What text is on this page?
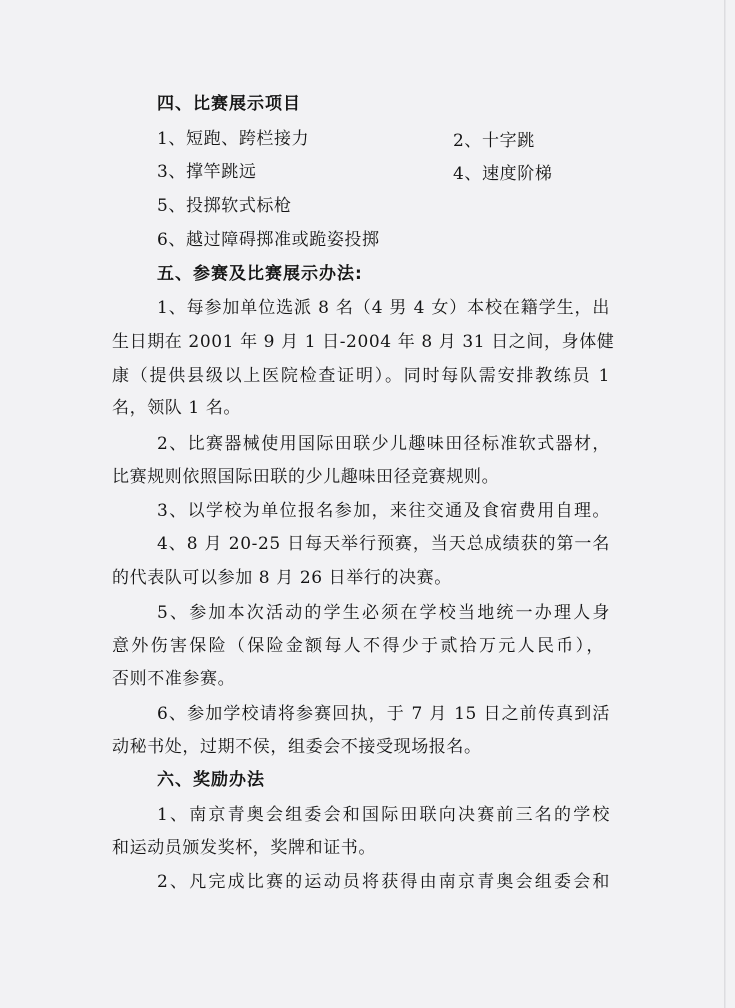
四、比赛展示项目
1、短跑、跨栏接力	2、十字跳
3、撑竿跳远	4、速度阶梯
5、投掷软式标枪
6、越过障碍掷准或跪姿投掷
五、参赛及比赛展示办法:
1、每参加单位选派 8 名（4 男 4 女）本校在籍学生，出
生日期在 2001 年 9 月 1 日-2004 年 8 月 31 日之间，身体健
康（提供县级以上医院检查证明）。同时每队需安排教练员 1
名，领队 1 名。
2、比赛器械使用国际田联少儿趣味田径标准软式器材，
比赛规则依照国际田联的少儿趣味田径竞赛规则。
3、以学校为单位报名参加，来往交通及食宿费用自理。
4、8 月 20-25 日每天举行预赛，当天总成绩获的第一名
的代表队可以参加 8 月 26 日举行的决赛。
5、参加本次活动的学生必须在学校当地统一办理人身
意外伤害保险（保险金额每人不得少于贰拾万元人民币），
否则不准参赛。
6、参加学校请将参赛回执，于 7 月 15 日之前传真到活
动秘书处，过期不侯，组委会不接受现场报名。
六、奖励办法
1、南京青奥会组委会和国际田联向决赛前三名的学校
和运动员颁发奖杯，奖牌和证书。
2、凡完成比赛的运动员将获得由南京青奥会组委会和
